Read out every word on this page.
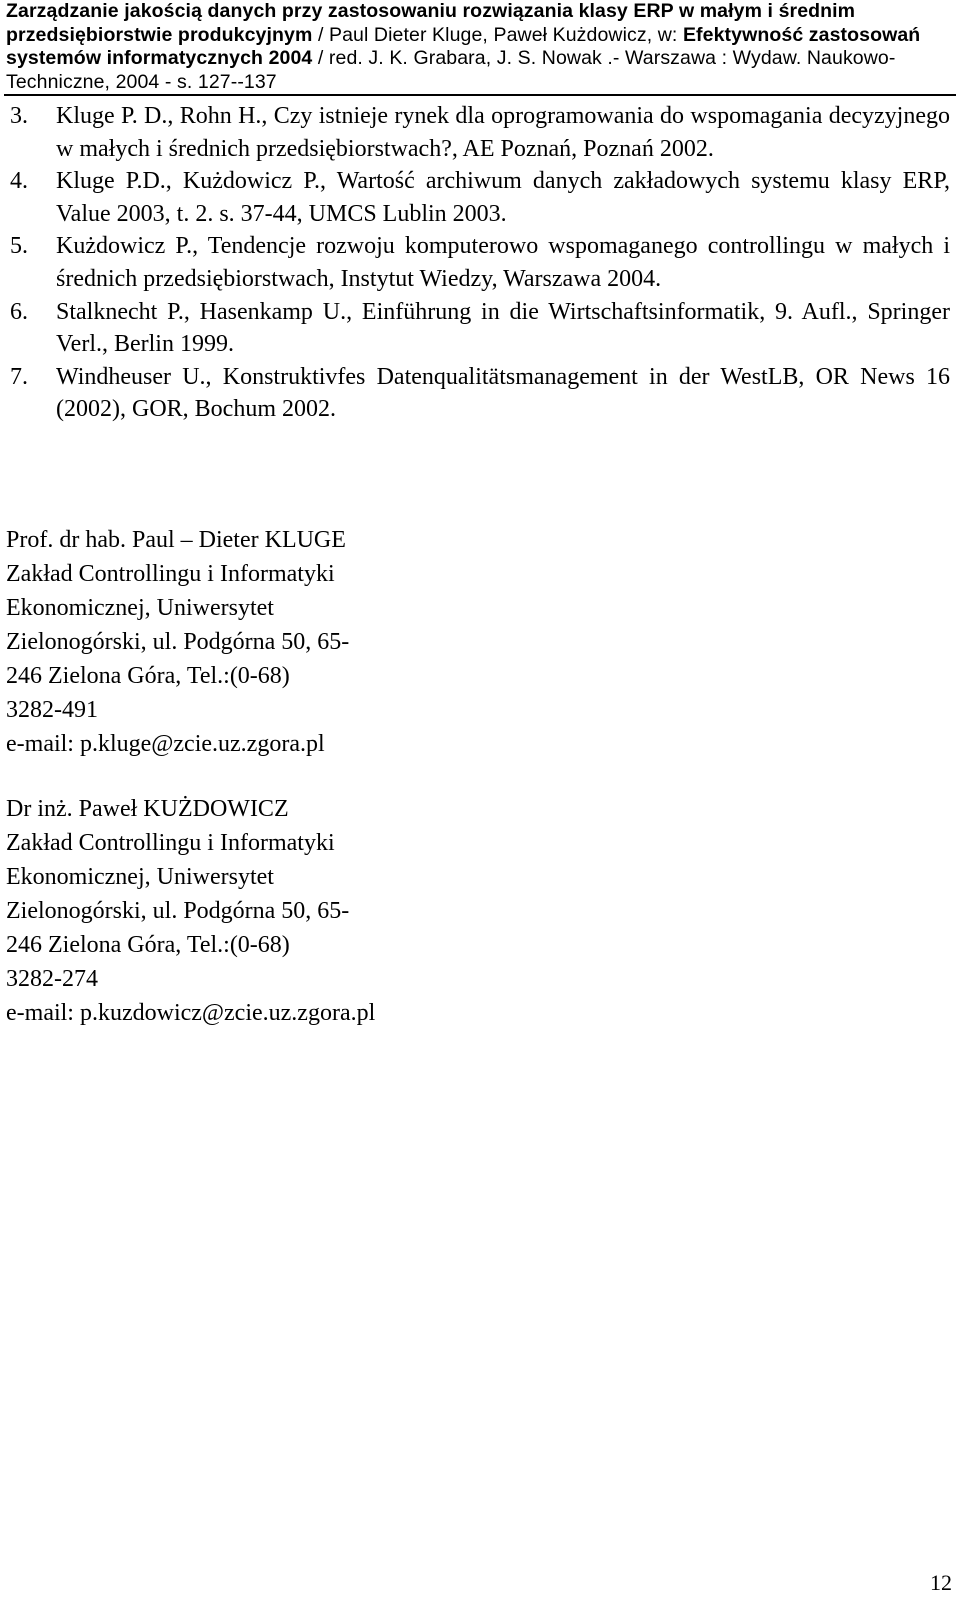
Zarządzanie jakością danych przy zastosowaniu rozwiązania klasy ERP w małym i średnim przedsiębiorstwie produkcyjnym / Paul Dieter Kluge, Paweł Kużdowicz, w: Efektywność zastosowań systemów informatycznych 2004 / red. J. K. Grabara, J. S. Nowak .- Warszawa : Wydaw. Naukowo-Techniczne, 2004 - s. 127--137
3. Kluge P. D., Rohn H., Czy istnieje rynek dla oprogramowania do wspomagania decyzyjnego w małych i średnich przedsiębiorstwach?, AE Poznań, Poznań 2002.
4. Kluge P.D., Kużdowicz P., Wartość archiwum danych zakładowych systemu klasy ERP, Value 2003, t. 2. s. 37-44, UMCS Lublin 2003.
5. Kużdowicz P., Tendencje rozwoju komputerowo wspomaganego controllingu w małych i średnich przedsiębiorstwach, Instytut Wiedzy, Warszawa 2004.
6. Stalknecht P., Hasenkamp U., Einführung in die Wirtschaftsinformatik, 9. Aufl., Springer Verl., Berlin 1999.
7. Windheuser U., Konstruktivfes Datenqualitätsmanagement in der WestLB, OR News 16 (2002), GOR, Bochum 2002.
Prof. dr hab. Paul – Dieter KLUGE
Zakład Controllingu i Informatyki
Ekonomicznej, Uniwersytet
Zielonogórski, ul. Podgórna 50, 65-
246 Zielona Góra, Tel.:(0-68)
3282-491
e-mail: p.kluge@zcie.uz.zgora.pl
Dr inż. Paweł KUŻDOWICZ
Zakład Controllingu i Informatyki
Ekonomicznej, Uniwersytet
Zielonogórski, ul. Podgórna 50, 65-
246 Zielona Góra, Tel.:(0-68)
3282-274
e-mail: p.kuzdowicz@zcie.uz.zgora.pl
12
